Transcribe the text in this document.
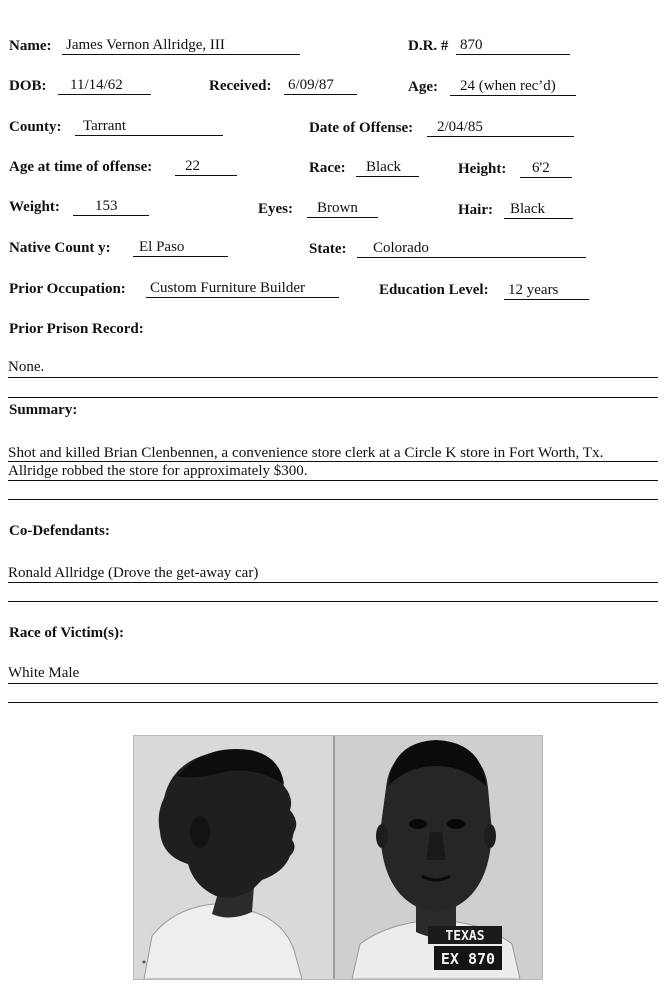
Name: James Vernon Allridge, III	D.R. # 870
DOB:	11/14/62	Received: 6/09/87	Age:	24 (when rec’d)
County:	Tarrant	Date of Offense:	2/04/85
Age at time of offense:	22	Race:	Black	Height:	6'2
Weight:	153	Eyes:	Brown	Hair:	Black
Native Count y:	El Paso	State:	Colorado
Prior Occupation: Custom Furniture Builder	Education Level: 12 years
Prior Prison Record:
None.
Summary:
Shot and killed Brian Clenbennen, a convenience store clerk at a Circle K store in Fort Worth, Tx.
Allridge robbed the store for approximately $300.
Co-Defendants:
Ronald Allridge (Drove the get-away car)
Race of Victim(s):
White Male
TEXAS
EX 870
